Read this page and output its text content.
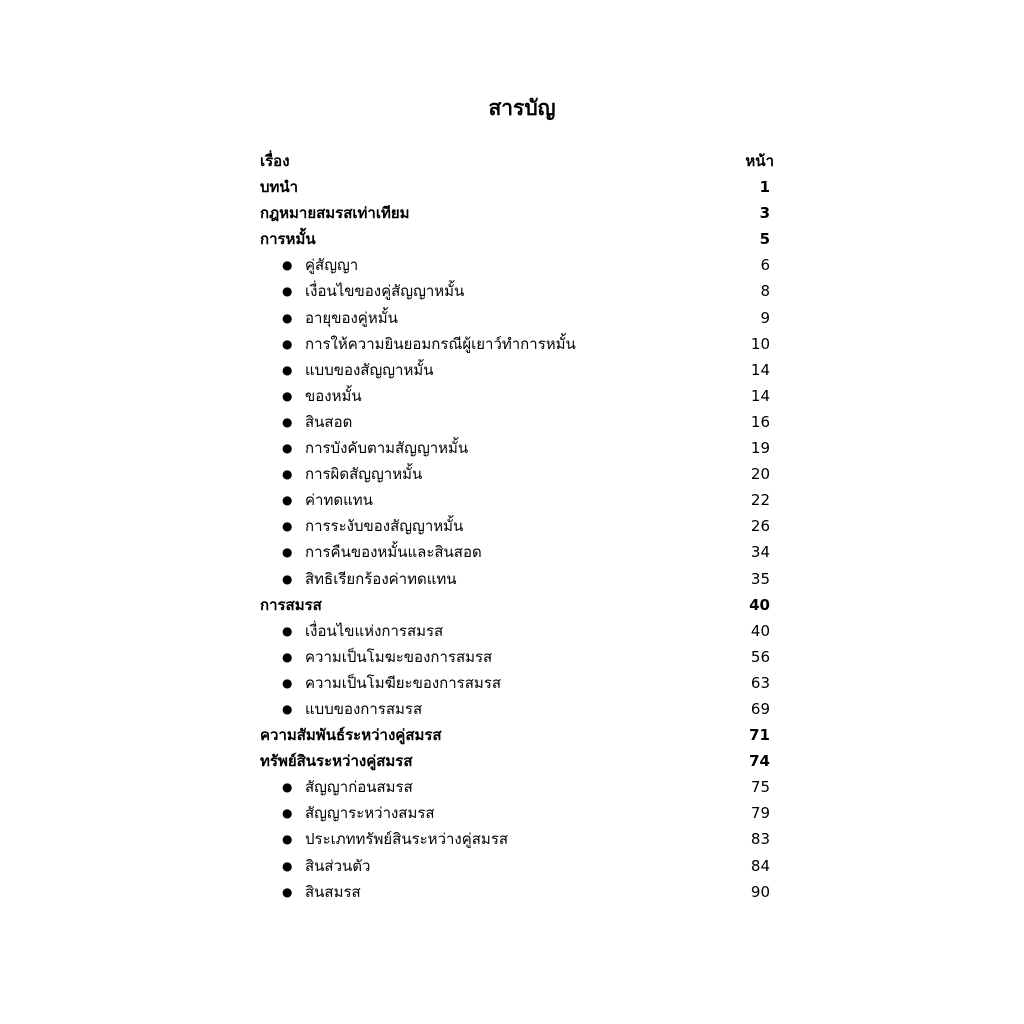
สารบัญ
เรื่อง	หน้า
บทนำ	1
กฎหมายสมรสเท่าเทียม	3
การหมั้น	5
● คู่สัญญา	6
● เงื่อนไขของคู่สัญญาหมั้น	8
● อายุของคู่หมั้น	9
● การให้ความยินยอมกรณีผู้เยาว์ทำการหมั้น	10
● แบบของสัญญาหมั้น	14
● ของหมั้น	14
● สินสอด	16
● การบังคับตามสัญญาหมั้น	19
● การผิดสัญญาหมั้น	20
● ค่าทดแทน	22
● การระงับของสัญญาหมั้น	26
● การคืนของหมั้นและสินสอด	34
● สิทธิเรียกร้องค่าทดแทน	35
การสมรส	40
● เงื่อนไขแห่งการสมรส	40
● ความเป็นโมฆะของการสมรส	56
● ความเป็นโมฆียะของการสมรส	63
● แบบของการสมรส	69
ความสัมพันธ์ระหว่างคู่สมรส	71
ทรัพย์สินระหว่างคู่สมรส	74
● สัญญาก่อนสมรส	75
● สัญญาระหว่างสมรส	79
● ประเภททรัพย์สินระหว่างคู่สมรส	83
● สินส่วนตัว	84
● สินสมรส	90
